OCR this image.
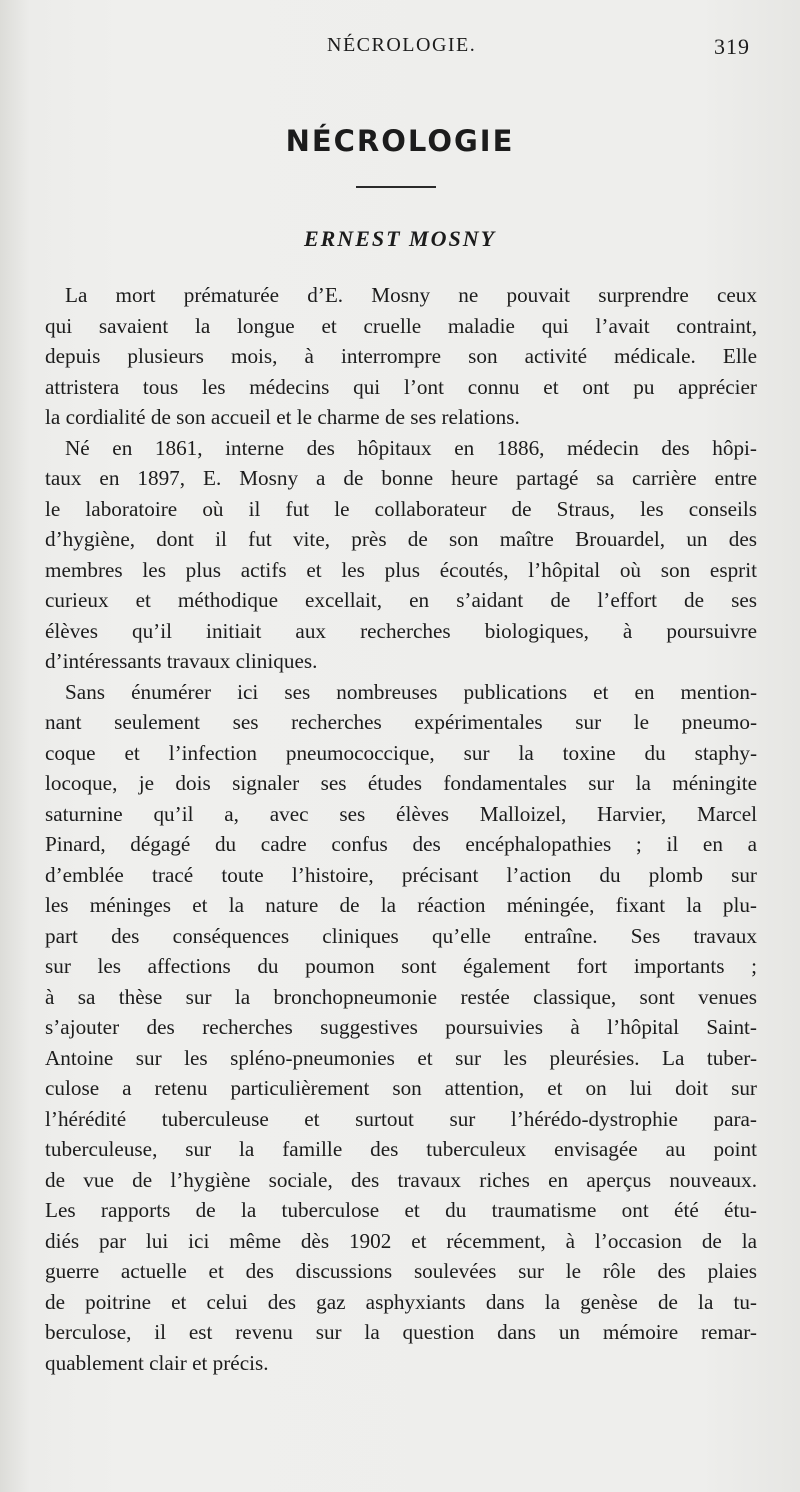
NÉCROLOGIE.	319
NÉCROLOGIE
ERNEST MOSNY

La mort prématurée d’E. Mosny ne pouvait surprendre ceux
qui savaient la longue et cruelle maladie qui l’avait contraint,
depuis plusieurs mois, à interrompre son activité médicale. Elle
attristera tous les médecins qui l’ont connu et ont pu apprécier
la cordialité de son accueil et le charme de ses relations.

Né en 1861, interne des hôpitaux en 1886, médecin des hôpi-
taux en 1897, E. Mosny a de bonne heure partagé sa carrière entre
le laboratoire où il fut le collaborateur de Straus, les conseils
d’hygiène, dont il fut vite, près de son maître Brouardel, un des
membres les plus actifs et les plus écoutés, l’hôpital où son esprit
curieux et méthodique excellait, en s’aidant de l’effort de ses
élèves qu’il initiait aux recherches biologiques, à poursuivre
d’intéressants travaux cliniques.

Sans énumérer ici ses nombreuses publications et en mention-
nant seulement ses recherches expérimentales sur le pneumo-
coque et l’infection pneumococcique, sur la toxine du staphy-
locoque, je dois signaler ses études fondamentales sur la méningite
saturnine qu’il a, avec ses élèves Malloizel, Harvier, Marcel
Pinard, dégagé du cadre confus des encéphalopathies ; il en a
d’emblée tracé toute l’histoire, précisant l’action du plomb sur
les méninges et la nature de la réaction méningée, fixant la plu-
part des conséquences cliniques qu’elle entraîne. Ses travaux
sur les affections du poumon sont également fort importants ;
à sa thèse sur la bronchopneumonie restée classique, sont venues
s’ajouter des recherches suggestives poursuivies à l’hôpital Saint-
Antoine sur les spléno-pneumonies et sur les pleurésies. La tuber-
culose a retenu particulièrement son attention, et on lui doit sur
l’hérédité tuberculeuse et surtout sur l’hérédo-dystrophie para-
tuberculeuse, sur la famille des tuberculeux envisagée au point
de vue de l’hygiène sociale, des travaux riches en aperçus nouveaux.
Les rapports de la tuberculose et du traumatisme ont été étu-
diés par lui ici même dès 1902 et récemment, à l’occasion de la
guerre actuelle et des discussions soulevées sur le rôle des plaies
de poitrine et celui des gaz asphyxiants dans la genèse de la tu-
berculose, il est revenu sur la question dans un mémoire remar-
quablement clair et précis.
